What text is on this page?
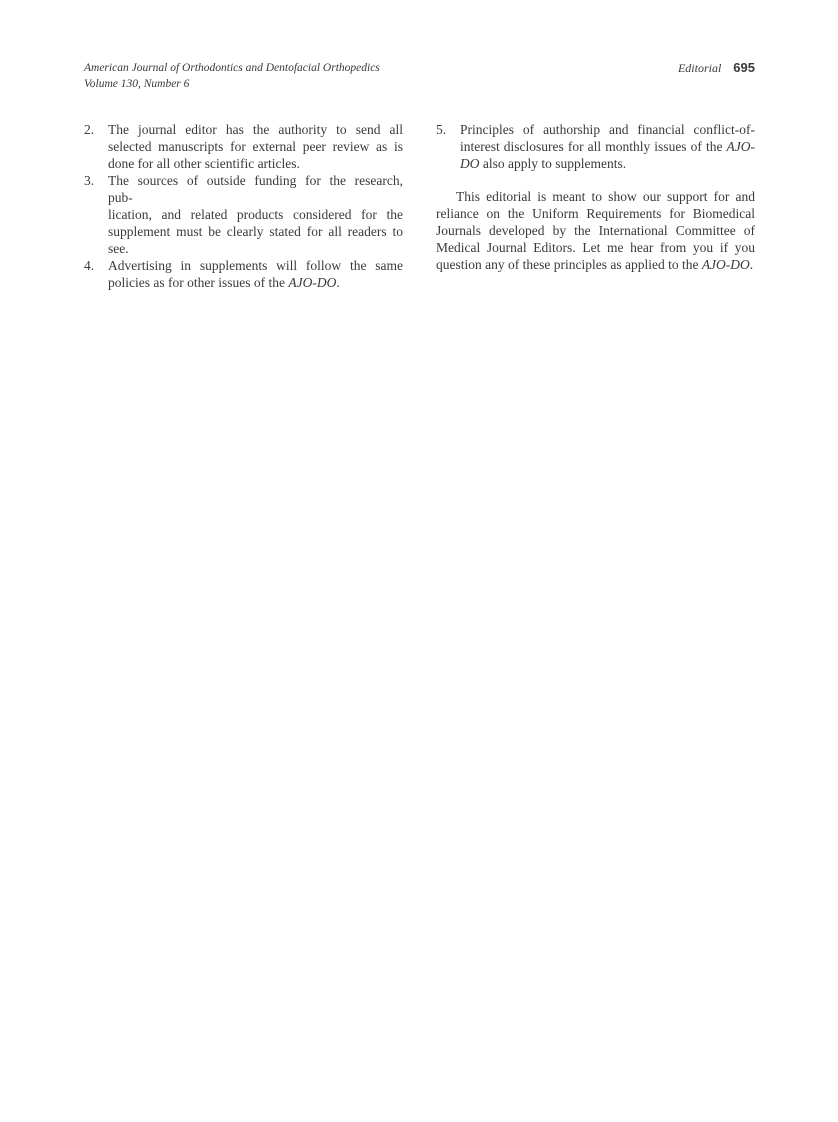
American Journal of Orthodontics and Dentofacial Orthopedics
Volume 130, Number 6
Editorial 695
2.	The journal editor has the authority to send all selected manuscripts for external peer review as is done for all other scientific articles.
3.	The sources of outside funding for the research,
pub-
lication, and related products considered for the supplement must be clearly stated for all readers to see.
4.	Advertising in supplements will follow the same policies as for other issues of the AJO-DO.
5.	Principles of authorship and financial conflict-of-interest disclosures for all monthly issues of the AJO-DO also apply to supplements.

This editorial is meant to show our support for and reliance on the Uniform Requirements for Biomedical Journals developed by the International Committee of Medical Journal Editors. Let me hear from you if you question any of these principles as applied to the AJO-DO.
